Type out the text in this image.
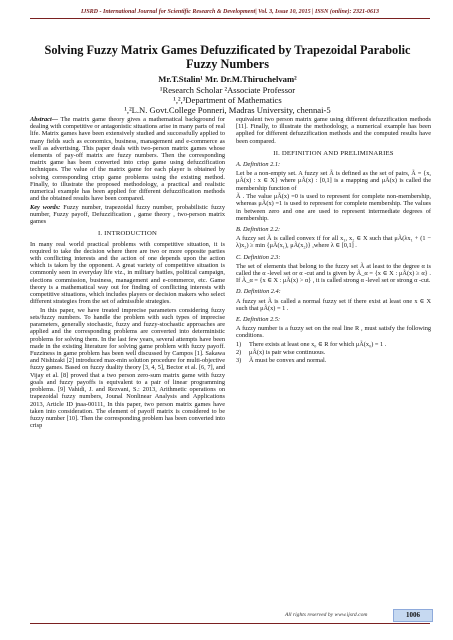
IJSRD - International Journal for Scientific Research & Development| Vol. 3, Issue 10, 2015 | ISSN (online): 2321-0613
Solving Fuzzy Matrix Games Defuzzificated by Trapezoidal Parabolic Fuzzy Numbers
Mr.T.Stalin¹ Mr. Dr.M.Thiruchelvam²
¹Research Scholar ²Associate Professor
¹,²,³Department of Mathematics
¹,²L.N. Govt.College Ponneri, Madras University, chennai-5

Abstract— The matrix game theory gives a mathematical background for dealing with competitive or antagonistic situations arise in many parts of real life. Matrix games have been extensively studied and successfully applied to many fields such as economics, business, management and e-commerce as well as advertising. This paper deals with two-person matrix games whose elements of pay-off matrix are fuzzy numbers. Then the corresponding matrix game has been converted into crisp game using defuzzification techniques. The value of the matrix game for each player is obtained by solving corresponding crisp game problems using the existing method. Finally, to illustrate the proposed methodology, a practical and realistic numerical example has been applied for different defuzzification methods and the obtained results have been compared.

Key words: Fuzzy number, trapezoidal fuzzy number, probabilistic fuzzy number, Fuzzy payoff, Defuzzification , game theory , two-person matrix games

I. INTRODUCTION

In many real world practical problems with competitive situation, it is required to take the decision where there are two or more opposite parties with conflicting interests and the action of one depends upon the action which is taken by the opponent. A great variety of competitive situation is commonly seen in everyday life viz., in military battles, political campaign, elections commission, business, management and e-commerce, etc. Game theory is a mathematical way out for finding of conflicting interests with competitive situations, which includes players or decision makers who select different strategies from the set of admissible strategies.

In this paper, we have treated imprecise parameters considering fuzzy sets/fuzzy numbers. To handle the problem with such types of imprecise parameters, generally stochastic, fuzzy and fuzzy-stochastic approaches are applied and the corresponding problems are converted into deterministic problems for solving them. In the last few years, several attempts have been made in the existing literature for solving game problem with fuzzy payoff. Fuzziness in game problem has been well discussed by Campos [1]. Sakawa and Nishizaki [2] introduced max-min solution procedure for multi-objective fuzzy games. Based on fuzzy duality theory [3, 4, 5], Bector et al. [6, 7], and Vijay et al. [8] proved that a two person zero-sum matrix game with fuzzy goals and fuzzy payoffs is equivalent to a pair of linear programming problems. [9] Vahidi, J. and Rezvani, S.: 2013, Arithmetic operations on trapezoidal fuzzy numbers, Jounal Nonlinear Analysis and Applications 2013, Article ID jnaa-00111, In this paper, two person matrix games have taken into consideration. The element of payoff matrix is considered to be fuzzy number [10]. Then the corresponding problem has been converted into crisp

equivalent two person matrix game using different defuzzification methods [11]. Finally, to illustrate the methodology, a numerical example has been applied for different defuzzification methods and the computed results have been compared.

II. DEFINITION AND PRELIMINARIES
A. Definition 2.1:

Let be a non-empty set. A fuzzy set Ã is defined as the set of pairs, Ã = {x, μÃ(x) : x ∈ X} where μÃ(x) : [0,1] is a mapping and μÃ(x) is called the membership function of

Ã . The value μÃ(x) =0 is used to represent for complete non-membership, whereas μÃ(x) =1 is used to represent for complete membership. The values in between zero and one are used to represent intermediate degrees of membership.

B. Definition 2.2:

A fuzzy set Ã is called convex if for all x₁, x₂ ∈ X such that μÃ(λx₁ + (1 − λ)x₂) ≥ min {μÃ(x₁), μÃ(x₂)} ,where λ ∈ [0,1] .

C. Definition 2.3:

The set of elements that belong to the fuzzy set Ã at least to the degree α is called the α -level set or α -cut and is given by Ã_α = {x ∈ X : μÃ(x) ≥ α} . If Ã_α = {x ∈ X : μÃ(x) > α} , it is called strong α -level set or strong α -cut.

D. Definition 2.4:

A fuzzy set Ã is called a normal fuzzy set if there exist at least one x ∈ X such that μÃ(x) = 1 .

E. Definition 2.5:

A fuzzy number is a fuzzy set on the real line R , must satisfy the following conditions.

1)	There exists at least one x₀ ∈ R for which μÃ(x₀) = 1 .
2)	μÃ(x) is pair wise continuous.
3)	Ã must be convex and normal.
All rights reserved by www.ijsrd.com	1006
